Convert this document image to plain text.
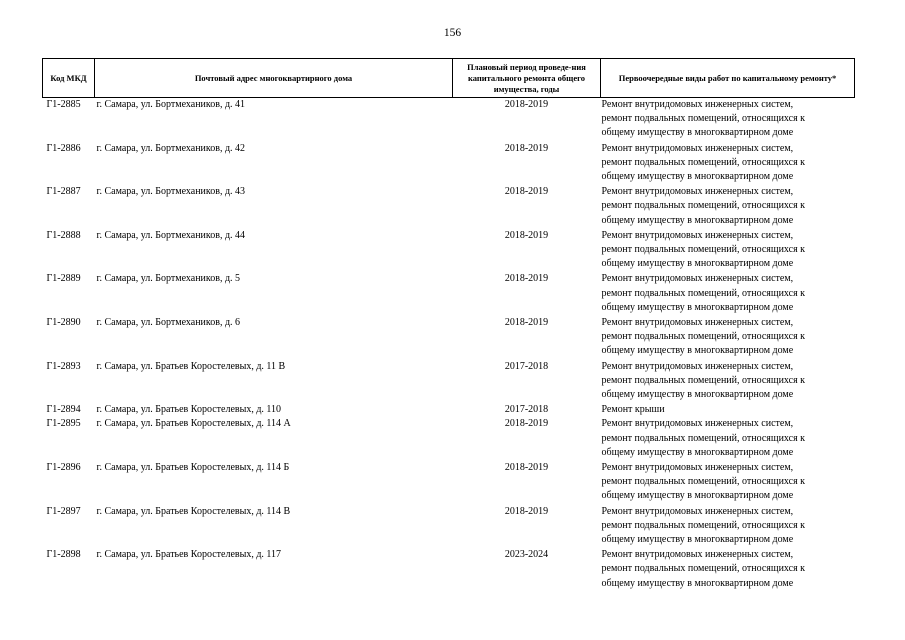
156
Код МКД	Почтовый адрес многоквартирного дома	Плановый период проведе-ния капитального ремонта общего имущества, годы	Первоочередные виды работ по капитальному ремонту*
Г1-2885	г. Самара, ул. Бортмехаников, д. 41	2018-2019	Ремонт внутридомовых инженерных систем,
ремонт подвальных помещений, относящихся к
общему имуществу в многоквартирном доме

Г1-2886	г. Самара, ул. Бортмехаников, д. 42	2018-2019	Ремонт внутридомовых инженерных систем,
ремонт подвальных помещений, относящихся к
общему имуществу в многоквартирном доме

Г1-2887	г. Самара, ул. Бортмехаников, д. 43	2018-2019	Ремонт внутридомовых инженерных систем,
ремонт подвальных помещений, относящихся к
общему имуществу в многоквартирном доме

Г1-2888	г. Самара, ул. Бортмехаников, д. 44	2018-2019	Ремонт внутридомовых инженерных систем,
ремонт подвальных помещений, относящихся к
общему имуществу в многоквартирном доме

Г1-2889	г. Самара, ул. Бортмехаников, д. 5	2018-2019	Ремонт внутридомовых инженерных систем,
ремонт подвальных помещений, относящихся к
общему имуществу в многоквартирном доме

Г1-2890	г. Самара, ул. Бортмехаников, д. 6	2018-2019	Ремонт внутридомовых инженерных систем,
ремонт подвальных помещений, относящихся к
общему имуществу в многоквартирном доме

Г1-2893	г. Самара, ул. Братьев Коростелевых, д. 11 В	2017-2018	Ремонт внутридомовых инженерных систем,
ремонт подвальных помещений, относящихся к
общему имуществу в многоквартирном доме

Г1-2894	г. Самара, ул. Братьев Коростелевых, д. 110	2017-2018	Ремонт крыши

Г1-2895	г. Самара, ул. Братьев Коростелевых, д. 114 А	2018-2019	Ремонт внутридомовых инженерных систем,
ремонт подвальных помещений, относящихся к
общему имуществу в многоквартирном доме

Г1-2896	г. Самара, ул. Братьев Коростелевых, д. 114 Б	2018-2019	Ремонт внутридомовых инженерных систем,
ремонт подвальных помещений, относящихся к
общему имуществу в многоквартирном доме

Г1-2897	г. Самара, ул. Братьев Коростелевых, д. 114 В	2018-2019	Ремонт внутридомовых инженерных систем,
ремонт подвальных помещений, относящихся к
общему имуществу в многоквартирном доме

Г1-2898	г. Самара, ул. Братьев Коростелевых, д. 117	2023-2024	Ремонт внутридомовых инженерных систем,
ремонт подвальных помещений, относящихся к
общему имуществу в многоквартирном доме
